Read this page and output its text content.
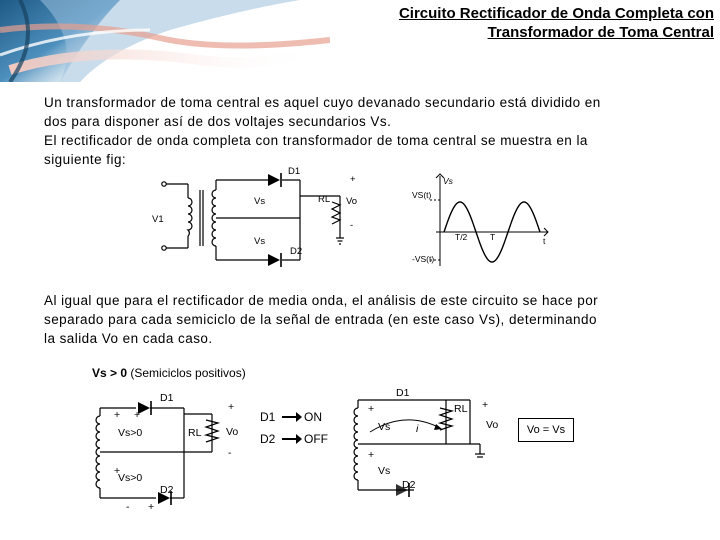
Circuito Rectificador de Onda Completa con Transformador de Toma Central
Un transformador de toma central es aquel cuyo devanado secundario está dividido en
dos para disponer así de dos voltajes secundarios Vs.
El rectificador de onda completa con transformador de toma central se muestra en la
siguiente fig:
V1
Vs
Vs
D1
D2
RL Vo
+
-
Vs
VS(t)
-VS(t)
T/2	T	t
Al igual que para el rectificador de media onda, el análisis de este circuito se hace por
separado para cada semiciclo de la señal de entrada (en este caso Vs), determinando
la salida Vo en cada caso.
Vs > 0 (Semiciclos positivos)
+ +
+
+
-
+
-
Vs>0
Vs>0
D1
D2
RL Vo
D1 ON
D2 OFF
+
+
+
D1
D2
RL
Vo
Vs
Vs
i	Vo = Vs
